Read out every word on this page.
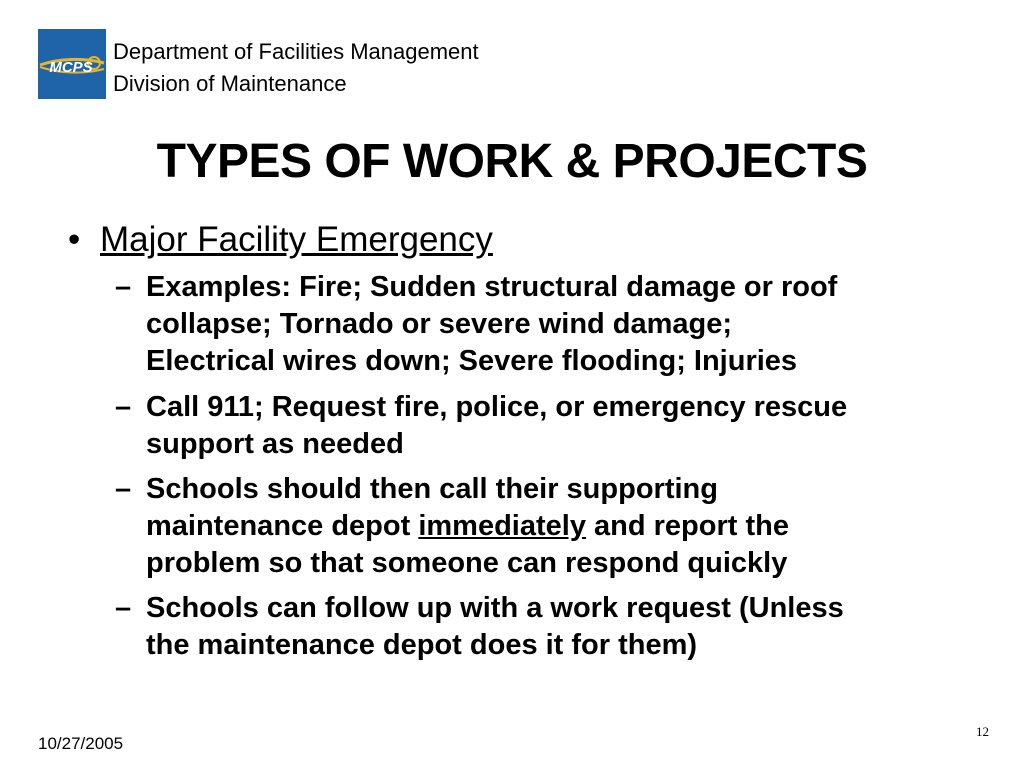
MCPS
Department of Facilities Management
Division of Maintenance
TYPES OF WORK & PROJECTS
• Major Facility Emergency
– Examples: Fire; Sudden structural damage or roof
collapse; Tornado or severe wind damage;
Electrical wires down; Severe flooding; Injuries
– Call 911; Request fire, police, or emergency rescue
support as needed
– Schools should then call their supporting
maintenance depot immediately and report the
problem so that someone can respond quickly
– Schools can follow up with a work request (Unless
the maintenance depot does it for them)
10/27/2005
12
